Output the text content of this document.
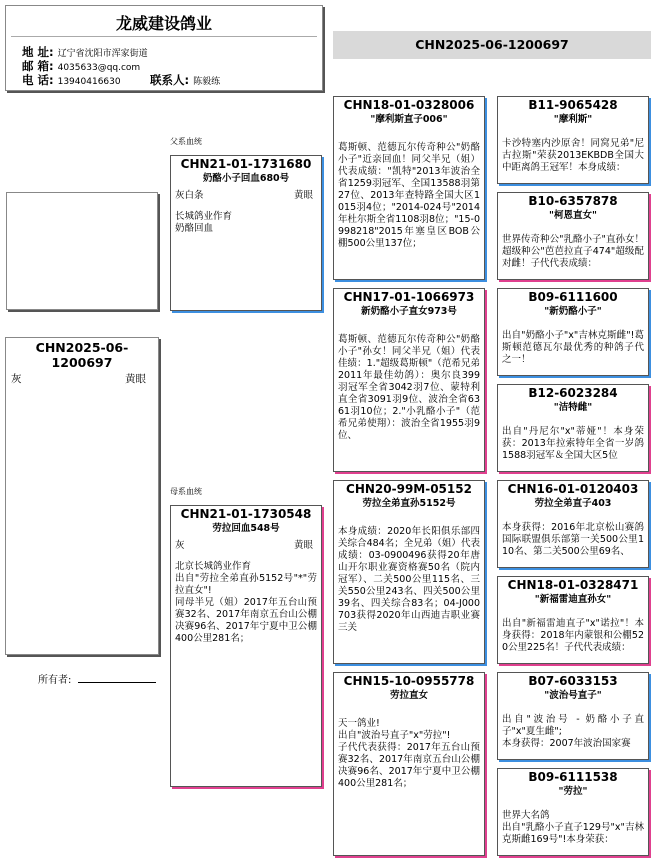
龙威建设鸽业
地 址: 辽宁省沈阳市浑家街道
邮 箱: 4035633@qq.com
电 话: 13940416630	联系人: 陈毅练
CHN2025-06-1200697
CHN2025-06-1200697
灰	黄眼
父系血统
母系血统
所有者:
CHN21-01-1731680
奶酪小子回血680号
灰白条	黄眼
长城鸽业作育
奶酪回血
CHN21-01-1730548
劳拉回血548号
灰	黄眼
北京长城鸽业作育
出自"劳拉全弟直孙5152号"*"劳拉直女"!
同母半兄（姐）2017年五台山预赛32名、2017年南京五台山公棚决赛96名、2017年宁夏中卫公棚400公里281名；
CHN18-01-0328006
"摩利斯直子006"
葛斯顿、范德瓦尔传奇种公"奶酪小子"近亲回血！同父半兄（姐）代表成绩："凯特"2013年波治全省1259羽冠军、全国13588羽第27位、2013年查特路全国大区1015羽4位；"2014-024号"2014年杜尔斯全省1108羽8位；"15-0998218"2015年塞皇区BOB公棚500公里137位；
CHN17-01-1066973
新奶酪小子直女973号
葛斯顿、范德瓦尔传奇种公"奶酪小子"孙女！同父半兄（姐）代表佳绩：1."超级葛斯顿"（范希兄弟2011年最佳幼鸽）：奥尔良399羽冠军全省3042羽7位、蒙特利直全省3091羽9位、波治全省6361羽10位；2."小乳酪小子"（范希兄弟使翔）：波治全省1955羽9位、
CHN20-99M-05152
劳拉全弟直孙5152号
本身成绩：2020年长阳俱乐部四关综合484名；全兄弟（姐）代表成绩：03-0900496获得20年唐山开尔职业赛资格赛50名（院内冠军）、二关500公里115名、三关550公里243名、四关500公里39名、四关综合83名；04-J000703获得2020年山西迪吉职业赛三关
CHN15-10-0955778
劳拉直女
天一鸽业!
出自"波治号直子"x"劳拉"!
子代代表获得：2017年五台山预赛32名、2017年南京五台山公棚决赛96名、2017年宁夏中卫公棚400公里281名；
B11-9065428
"摩利斯"
卡沙特塞内沙原舍！同窝兄弟"尼古拉斯"荣获2013EKBDB全国大中距离鸽王冠军！本身成绩：
B10-6357878
"柯恩直女"
世界传奇种公"乳酪小子"直孙女！超级种公"芭芭拉直子474"超级配对雌！子代代表成绩：
B09-6111600
"新奶酪小子"
出自"奶酪小子"x"吉林克斯雌"!葛斯顿范德瓦尔最优秀的种鸽子代之一！
B12-6023284
"洁特雌"
出自"丹尼尔"x"蒂娅"！本身荣获：2013年拉索特年全省一岁鸽1588羽冠军＆全国大区5位
CHN16-01-0120403
劳拉全弟直子403
本身获得：2016年北京松山赛鸽国际联盟俱乐部第一关500公里110名、第二关500公里69名、
CHN18-01-0328471
"新福雷迪直孙女"
出自"新福雷迪直子"x"诺拉"！本身获得：2018年内蒙银和公棚520公里225名！子代代表成绩：
B07-6033153
"波治号直子"
出自"波治号 - 奶酪小子直子"x"夏生雌";
本身获得：2007年波治国家赛
B09-6111538
"劳拉"
世界大名鸽
出自"乳酪小子直子129号"x"吉林克斯雌169号"!本身荣获：
